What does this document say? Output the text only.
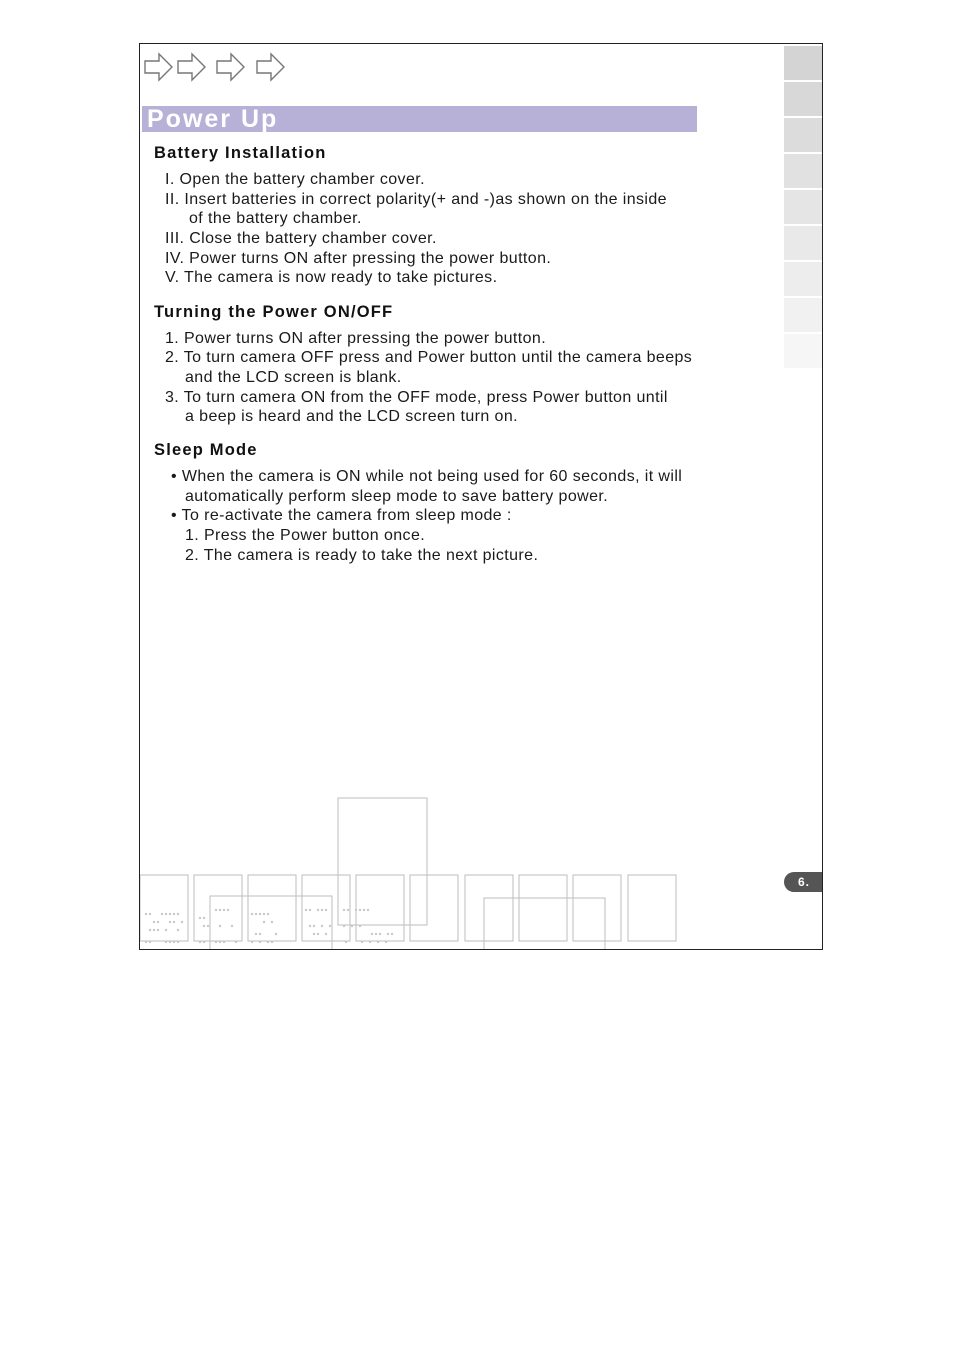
Power Up
Battery Installation
I. Open the battery chamber cover.
II. Insert batteries in correct polarity(+ and -)as shown on the inside
of the battery chamber.
III. Close the battery chamber cover.
IV. Power turns ON after pressing the power button.
V. The camera is now ready to take pictures.
Turning the Power ON/OFF
1. Power turns ON after pressing the power button.
2. To turn camera OFF press and Power button until the camera beeps
and the LCD screen is blank.
3. To turn camera ON from the OFF mode, press Power button until
a beep is heard and the LCD screen turn on.
Sleep Mode
• When the camera is ON while not being used for 60 seconds, it will
automatically perform sleep mode to save battery power.
• To re-activate the camera from sleep mode :
1. Press the Power button once.
2. The camera is ready to take the next picture.
6.
